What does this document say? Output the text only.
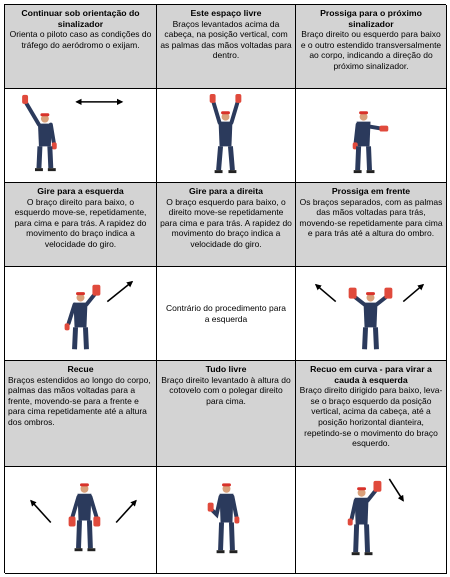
Continuar sob orientação do sinalizador
Orienta o piloto caso as condições do tráfego do aeródromo o exijam.
Este espaço livre
Braços levantados acima da cabeça, na posição vertical, com as palmas das mãos voltadas para dentro.
Prossiga para o próximo sinalizador
Braço direito ou esquerdo para baixo e o outro estendido transversalmente ao corpo, indicando a direção do próximo sinalizador.
Gire para a esquerda
O braço direito para baixo, o esquerdo move-se, repetidamente, para cima e para trás. A rapidez do movimento do braço indica a velocidade do giro.
Gire para a direita
O braço esquerdo para baixo, o direito move-se repetidamente para cima e para trás. A rapidez do movimento do braço indica a velocidade do giro.
Prossiga em frente
Os braços separados, com as palmas das mãos voltadas para trás, movendo-se repetidamente para cima e para trás até a altura do ombro.
Contrário do procedimento para a esquerda
Recue
Braços estendidos ao longo do corpo, palmas das mãos voltadas para a frente, movendo-se para a frente e para cima repetidamente até a altura dos ombros.
Tudo livre
Braço direito levantado à altura do cotovelo com o polegar direito para cima.
Recuo em curva - para virar a cauda à esquerda
Braço direito dirigido para baixo, leva-se o braço esquerdo da posição vertical, acima da cabeça, até a posição horizontal dianteira, repetindo-se o movimento do braço esquerdo.
